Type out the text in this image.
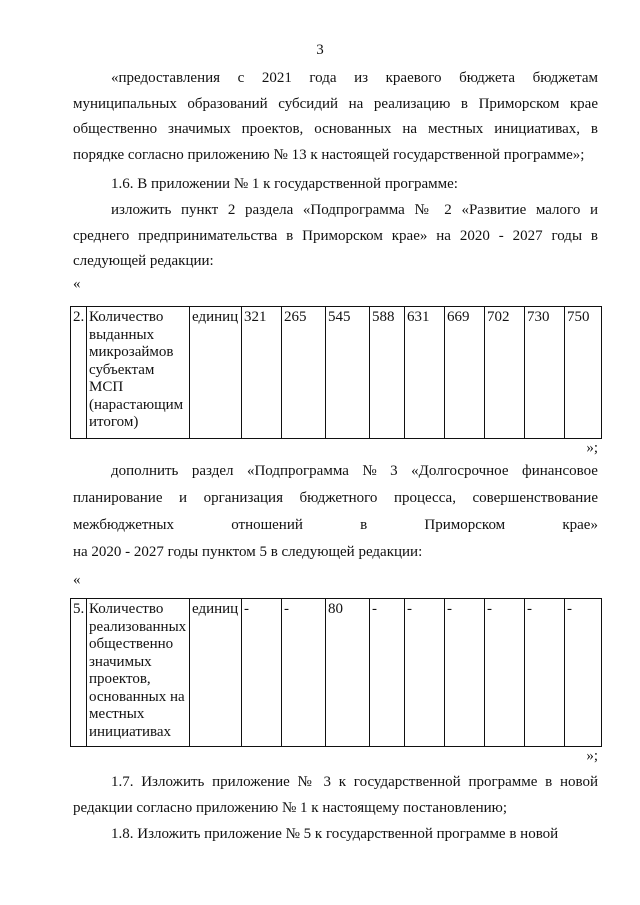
3

«предоставления с 2021 года из краевого бюджета бюджетам муниципальных образований субсидий на реализацию в Приморском крае общественно значимых проектов, основанных на местных инициативах, в порядке согласно приложению № 13 к настоящей государственной программе»;

1.6. В приложении № 1 к государственной программе:

изложить пункт 2 раздела «Подпрограмма № 2 «Развитие малого и среднего предпринимательства в Приморском крае» на 2020 - 2027 годы в следующей редакции:

«
2.	Количество выданных микрозаймов субъектам МСП (нарастающим итогом)	единиц	321	265	545	588	631	669	702	730	750
»;
дополнить раздел «Подпрограмма № 3 «Долгосрочное финансовое
планирование и организация бюджетного процесса, совершенствование
межбюджетных	отношений	в	Приморском	крае»
на 2020 - 2027 годы пунктом 5 в следующей редакции:
«
5.	Количество реализованных общественно значимых проектов, основанных на местных инициативах	единиц	-	-	80	-	-	-	-	-	-
»;

1.7. Изложить приложение № 3 к государственной программе в новой редакции согласно приложению № 1 к настоящему постановлению;

1.8. Изложить приложение № 5 к государственной программе в новой
